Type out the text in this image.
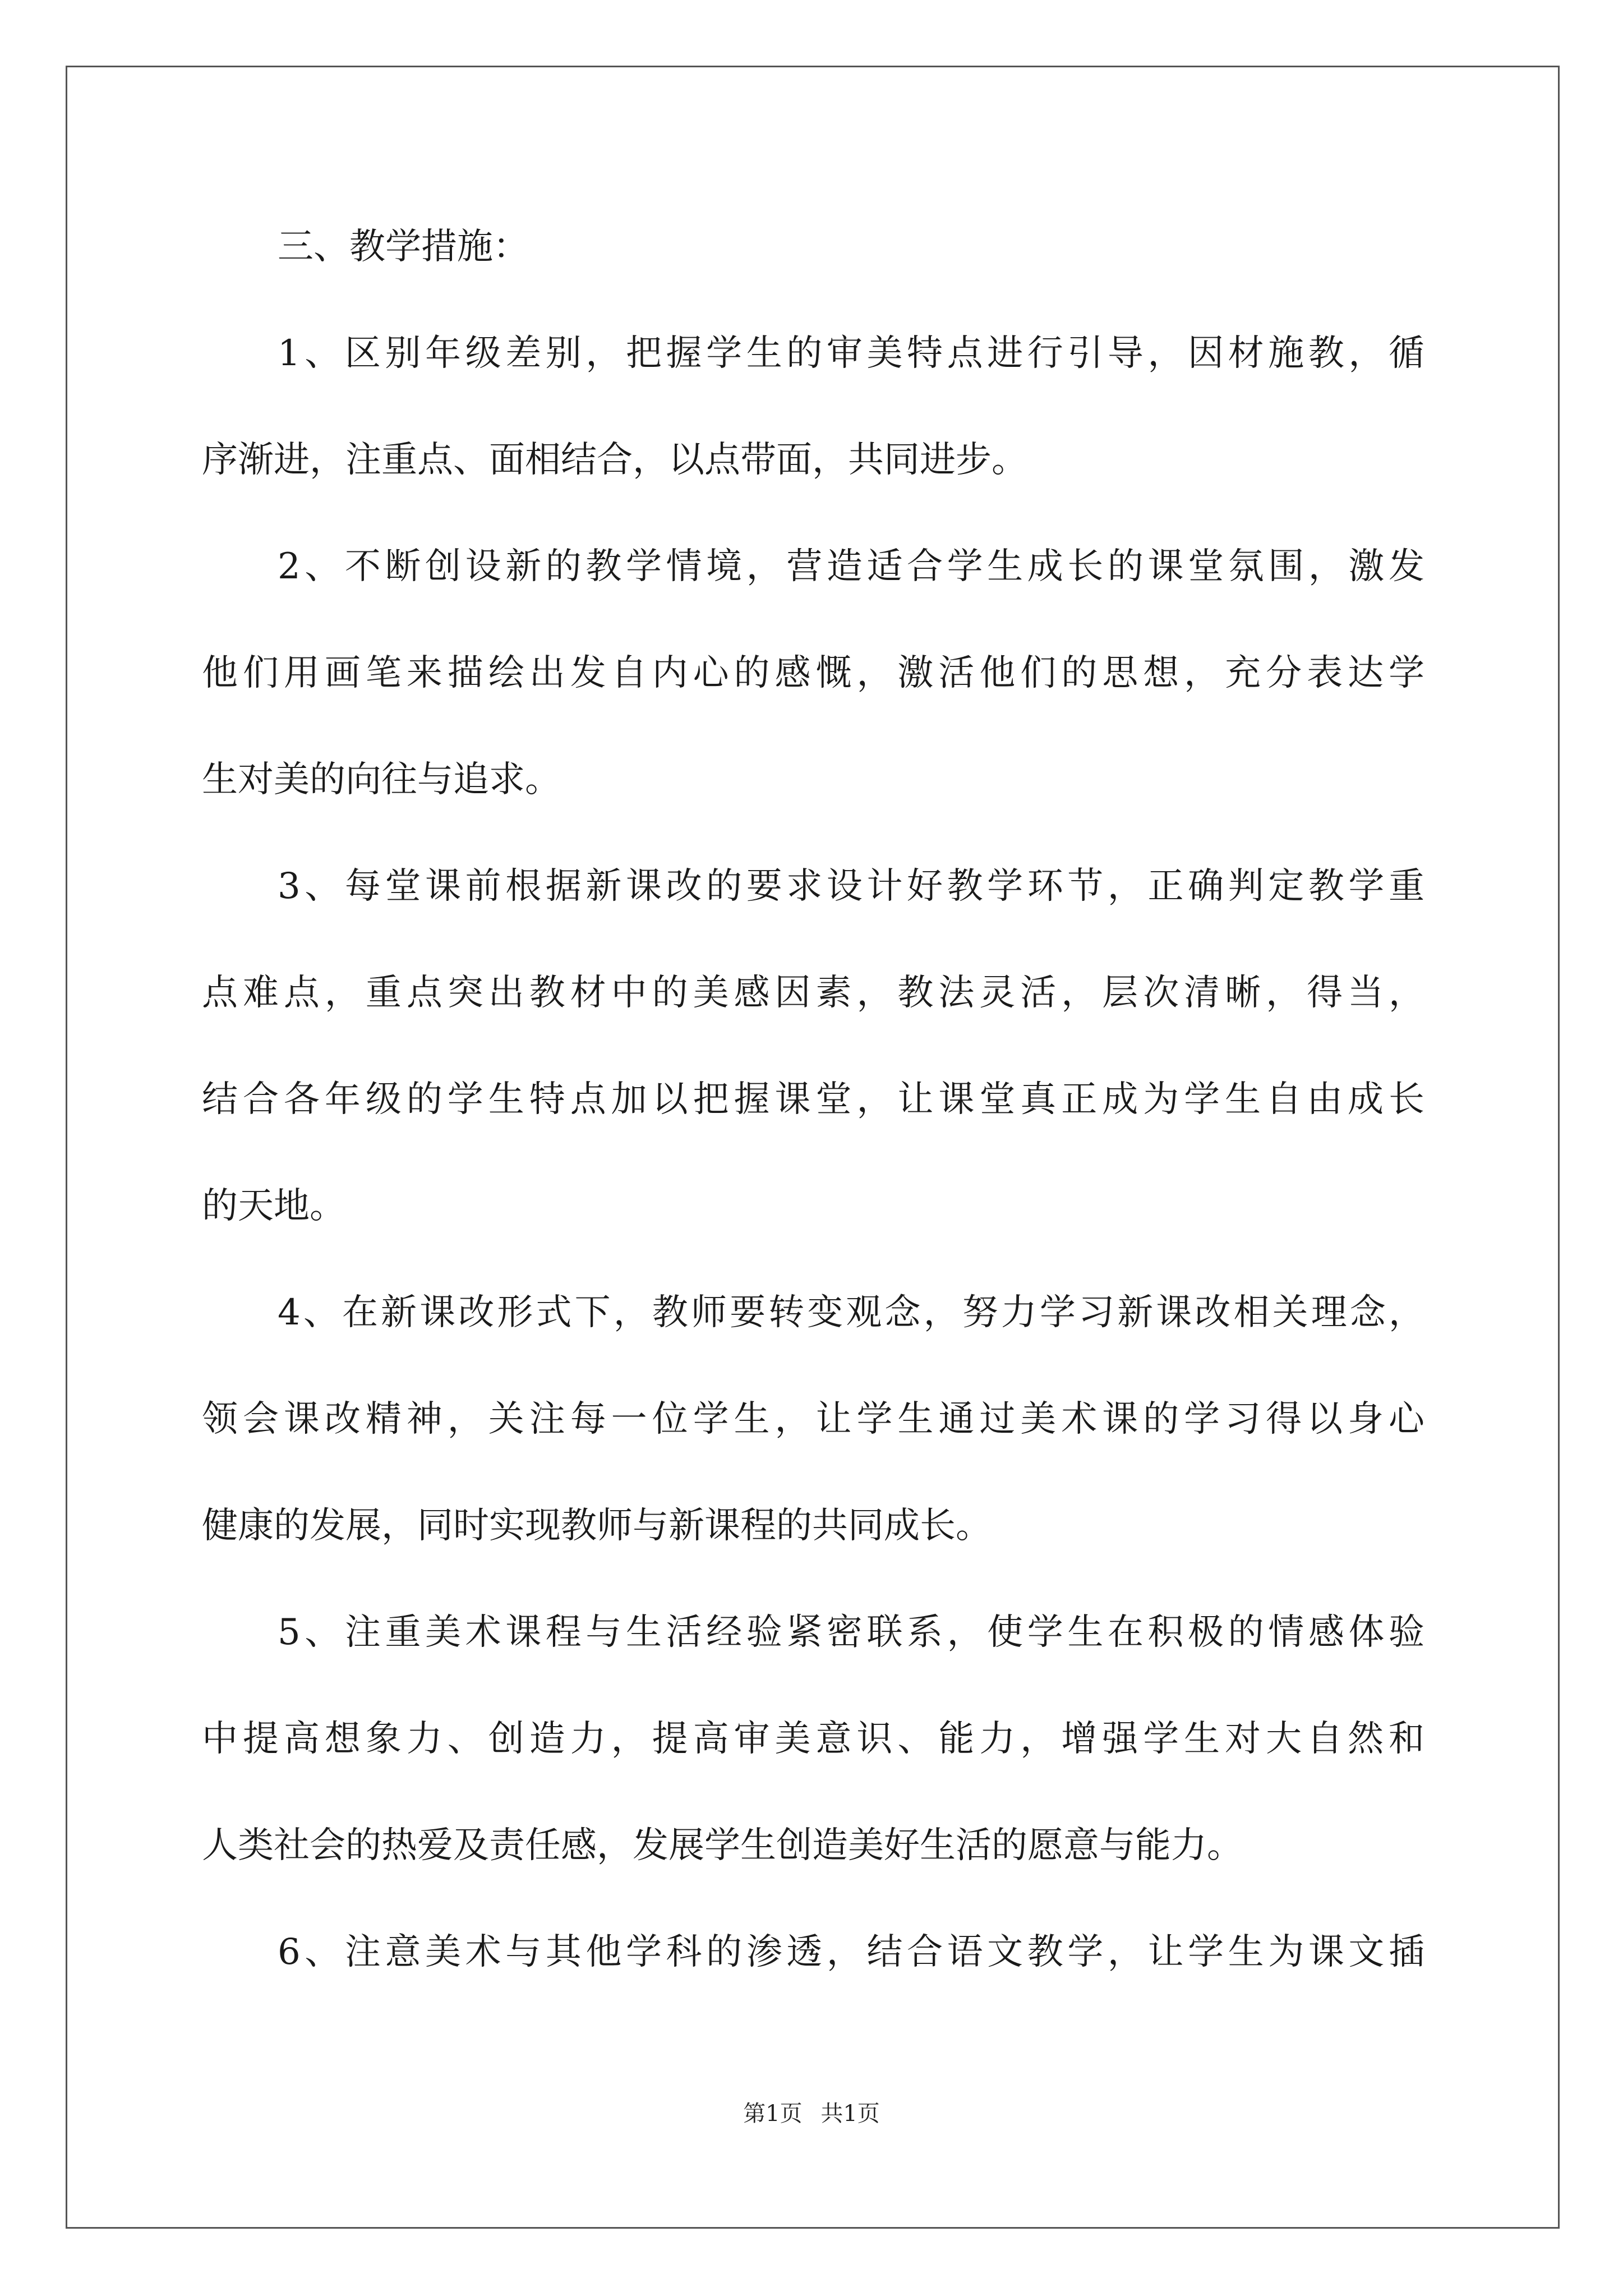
三、教学措施：
1、区别年级差别，把握学生的审美特点进行引导，因材施教，循
序渐进，注重点、面相结合，以点带面，共同进步。
2、不断创设新的教学情境，营造适合学生成长的课堂氛围，激发
他们用画笔来描绘出发自内心的感慨，激活他们的思想，充分表达学
生对美的向往与追求。
3、每堂课前根据新课改的要求设计好教学环节，正确判定教学重
点难点，重点突出教材中的美感因素，教法灵活，层次清晰，得当，
结合各年级的学生特点加以把握课堂，让课堂真正成为学生自由成长
的天地。
4、在新课改形式下，教师要转变观念，努力学习新课改相关理念，
领会课改精神，关注每一位学生，让学生通过美术课的学习得以身心
健康的发展，同时实现教师与新课程的共同成长。
5、注重美术课程与生活经验紧密联系，使学生在积极的情感体验
中提高想象力、创造力，提高审美意识、能力，增强学生对大自然和
人类社会的热爱及责任感，发展学生创造美好生活的愿意与能力。
6、注意美术与其他学科的渗透，结合语文教学，让学生为课文插
第1页 共1页
